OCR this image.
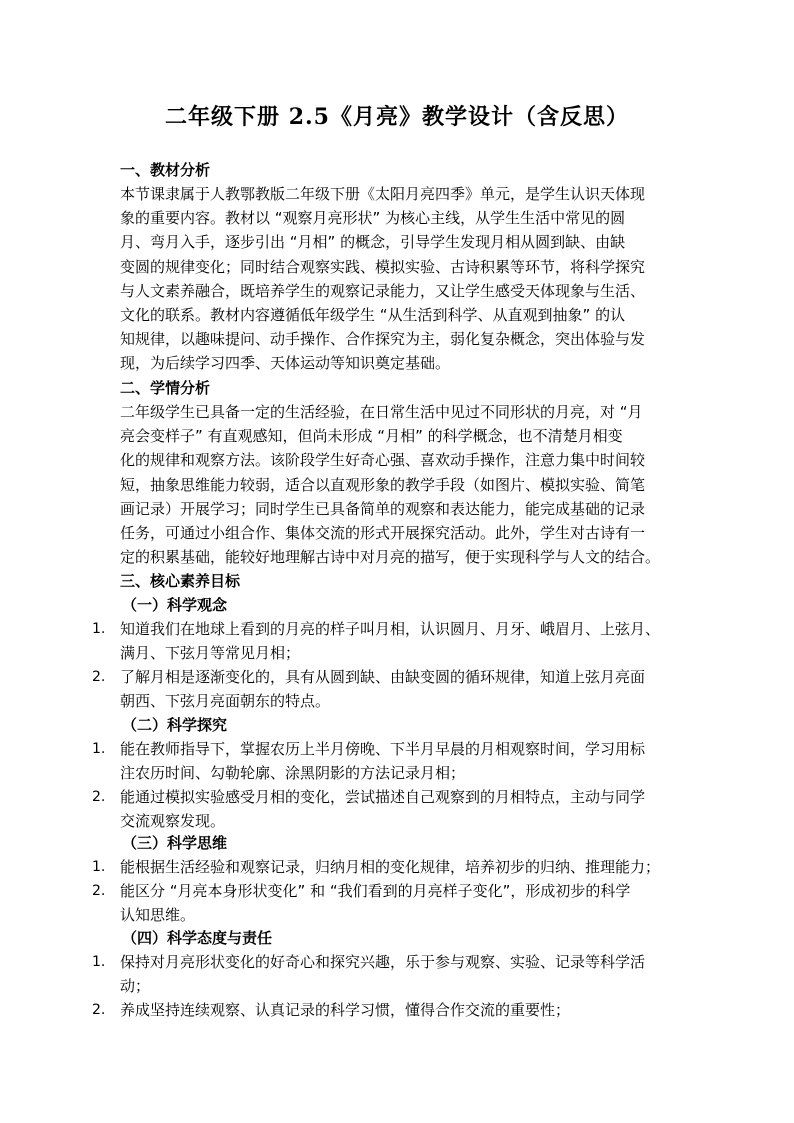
二年级下册 2.5《月亮》教学设计（含反思）
一、教材分析
本节课隶属于人教鄂教版二年级下册《太阳月亮四季》单元，是学生认识天体现
象的重要内容。教材以 “观察月亮形状” 为核心主线，从学生生活中常见的圆
月、弯月入手，逐步引出 “月相” 的概念，引导学生发现月相从圆到缺、由缺
变圆的规律变化；同时结合观察实践、模拟实验、古诗积累等环节，将科学探究
与人文素养融合，既培养学生的观察记录能力，又让学生感受天体现象与生活、
文化的联系。教材内容遵循低年级学生 “从生活到科学、从直观到抽象” 的认
知规律，以趣味提问、动手操作、合作探究为主，弱化复杂概念，突出体验与发
现，为后续学习四季、天体运动等知识奠定基础。
二、学情分析
二年级学生已具备一定的生活经验，在日常生活中见过不同形状的月亮，对 “月
亮会变样子” 有直观感知，但尚未形成 “月相” 的科学概念，也不清楚月相变
化的规律和观察方法。该阶段学生好奇心强、喜欢动手操作，注意力集中时间较
短，抽象思维能力较弱，适合以直观形象的教学手段（如图片、模拟实验、简笔
画记录）开展学习；同时学生已具备简单的观察和表达能力，能完成基础的记录
任务，可通过小组合作、集体交流的形式开展探究活动。此外，学生对古诗有一
定的积累基础，能较好地理解古诗中对月亮的描写，便于实现科学与人文的结合。
三、核心素养目标
（一）科学观念
1. 知道我们在地球上看到的月亮的样子叫月相，认识圆月、月牙、峨眉月、上弦月、
满月、下弦月等常见月相；
2. 了解月相是逐渐变化的，具有从圆到缺、由缺变圆的循环规律，知道上弦月亮面
朝西、下弦月亮面朝东的特点。
（二）科学探究
1. 能在教师指导下，掌握农历上半月傍晚、下半月早晨的月相观察时间，学习用标
注农历时间、勾勒轮廓、涂黑阴影的方法记录月相；
2. 能通过模拟实验感受月相的变化，尝试描述自己观察到的月相特点，主动与同学
交流观察发现。
（三）科学思维
1. 能根据生活经验和观察记录，归纳月相的变化规律，培养初步的归纳、推理能力；
2. 能区分 “月亮本身形状变化” 和 “我们看到的月亮样子变化”，形成初步的科学
认知思维。
（四）科学态度与责任
1. 保持对月亮形状变化的好奇心和探究兴趣，乐于参与观察、实验、记录等科学活
动；
2. 养成坚持连续观察、认真记录的科学习惯，懂得合作交流的重要性；
